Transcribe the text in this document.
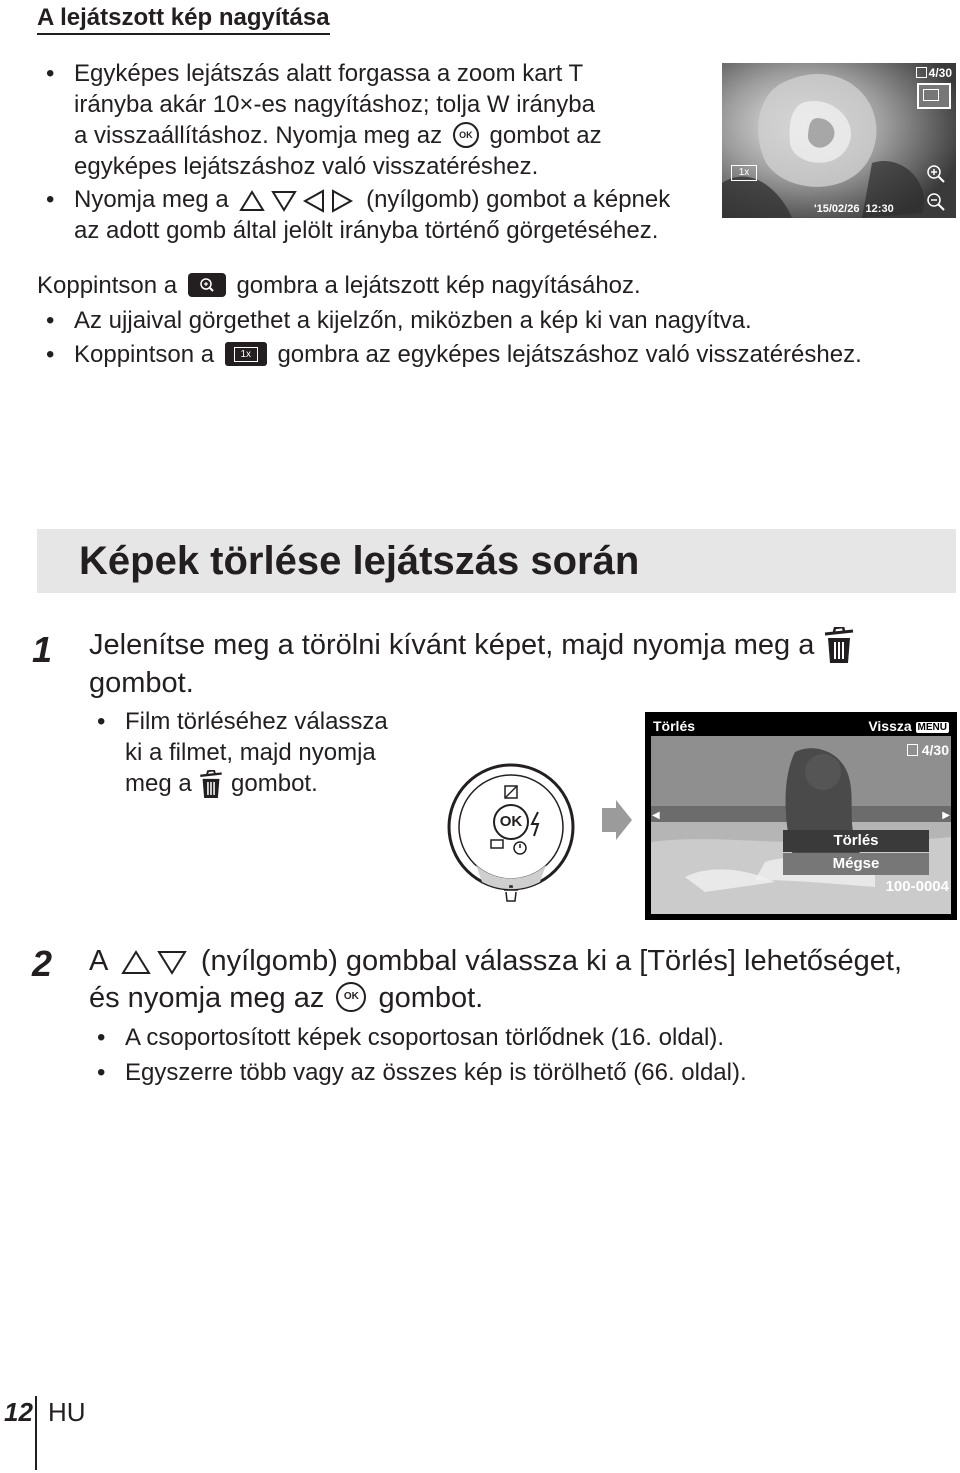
A lejátszott kép nagyítása
• Egyképes lejátszás alatt forgassa a zoom kart T
irányba akár 10×-es nagyításhoz; tolja W irányba
a visszaállításhoz. Nyomja meg az OK gombot az
egyképes lejátszáshoz való visszatéréshez.
• Nyomja meg a	(nyílgomb) gombot a képnek
az adott gomb által jelölt irányba történő görgetéséhez.
4/30
1x
'15/02/26  12:30
Koppintson a gombra a lejátszott kép nagyításához.
• Az ujjaival görgethet a kijelzőn, miközben a kép ki van nagyítva.
• Koppintson a	1x gombra az egyképes lejátszáshoz való visszatéréshez.
Képek törlése lejátszás során
1 Jelenítse meg a törölni kívánt képet, majd nyomja meg a
gombot.
• Film törléséhez válassza
ki a filmet, majd nyomja
meg a gombot.
OK
Törlés	Vissza MENU
4/30
◀	▶
Törlés
Mégse
100-0004
2 A	(nyílgomb) gombbal válassza ki a [Törlés] lehetőséget,
és nyomja meg az OK gombot.
• A csoportosított képek csoportosan törlődnek (16. oldal).
• Egyszerre több vagy az összes kép is törölhető (66. oldal).
12 HU
